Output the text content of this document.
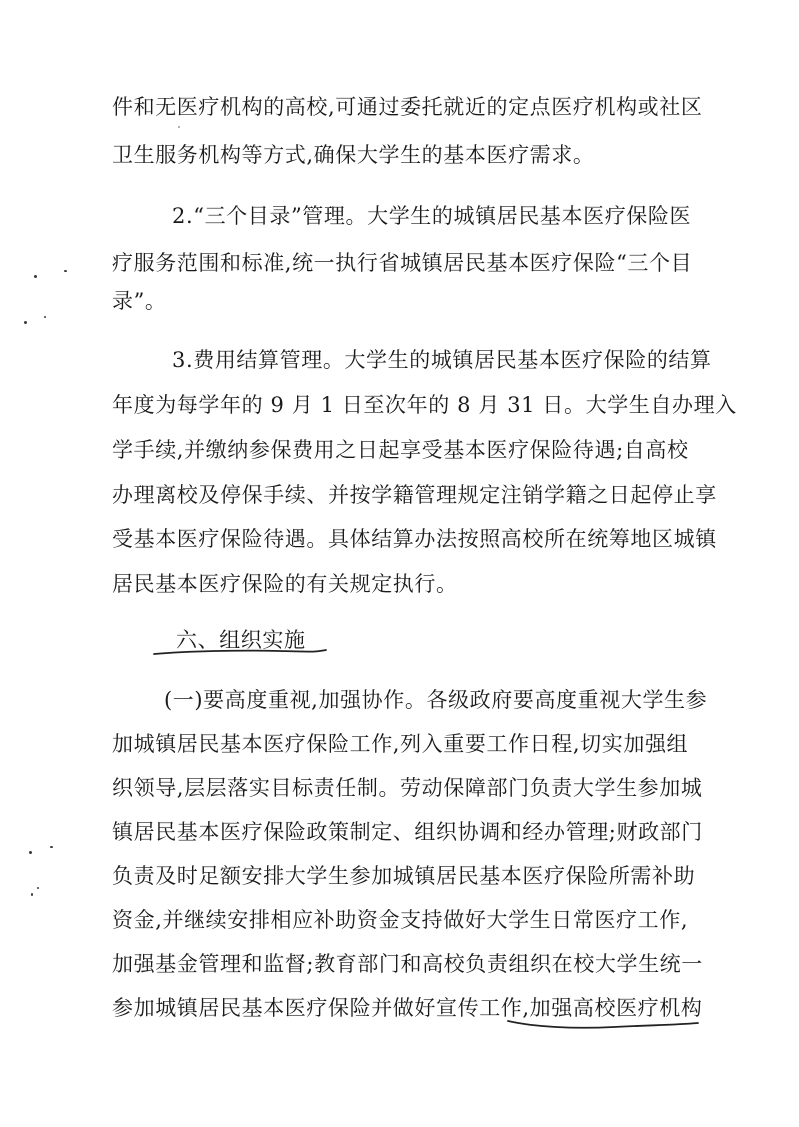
件和无医疗机构的高校,可通过委托就近的定点医疗机构或社区
卫生服务机构等方式,确保大学生的基本医疗需求。
2.“三个目录”管理。大学生的城镇居民基本医疗保险医
疗服务范围和标准,统一执行省城镇居民基本医疗保险“三个目
录”。
3.费用结算管理。大学生的城镇居民基本医疗保险的结算
年度为每学年的 9 月 1 日至次年的 8 月 31 日。大学生自办理入
学手续,并缴纳参保费用之日起享受基本医疗保险待遇;自高校
办理离校及停保手续、并按学籍管理规定注销学籍之日起停止享
受基本医疗保险待遇。具体结算办法按照高校所在统筹地区城镇
居民基本医疗保险的有关规定执行。
六、组织实施
(一)要高度重视,加强协作。各级政府要高度重视大学生参
加城镇居民基本医疗保险工作,列入重要工作日程,切实加强组
织领导,层层落实目标责任制。劳动保障部门负责大学生参加城
镇居民基本医疗保险政策制定、组织协调和经办管理;财政部门
负责及时足额安排大学生参加城镇居民基本医疗保险所需补助
资金,并继续安排相应补助资金支持做好大学生日常医疗工作,
加强基金管理和监督;教育部门和高校负责组织在校大学生统一
参加城镇居民基本医疗保险并做好宣传工作,加强高校医疗机构
